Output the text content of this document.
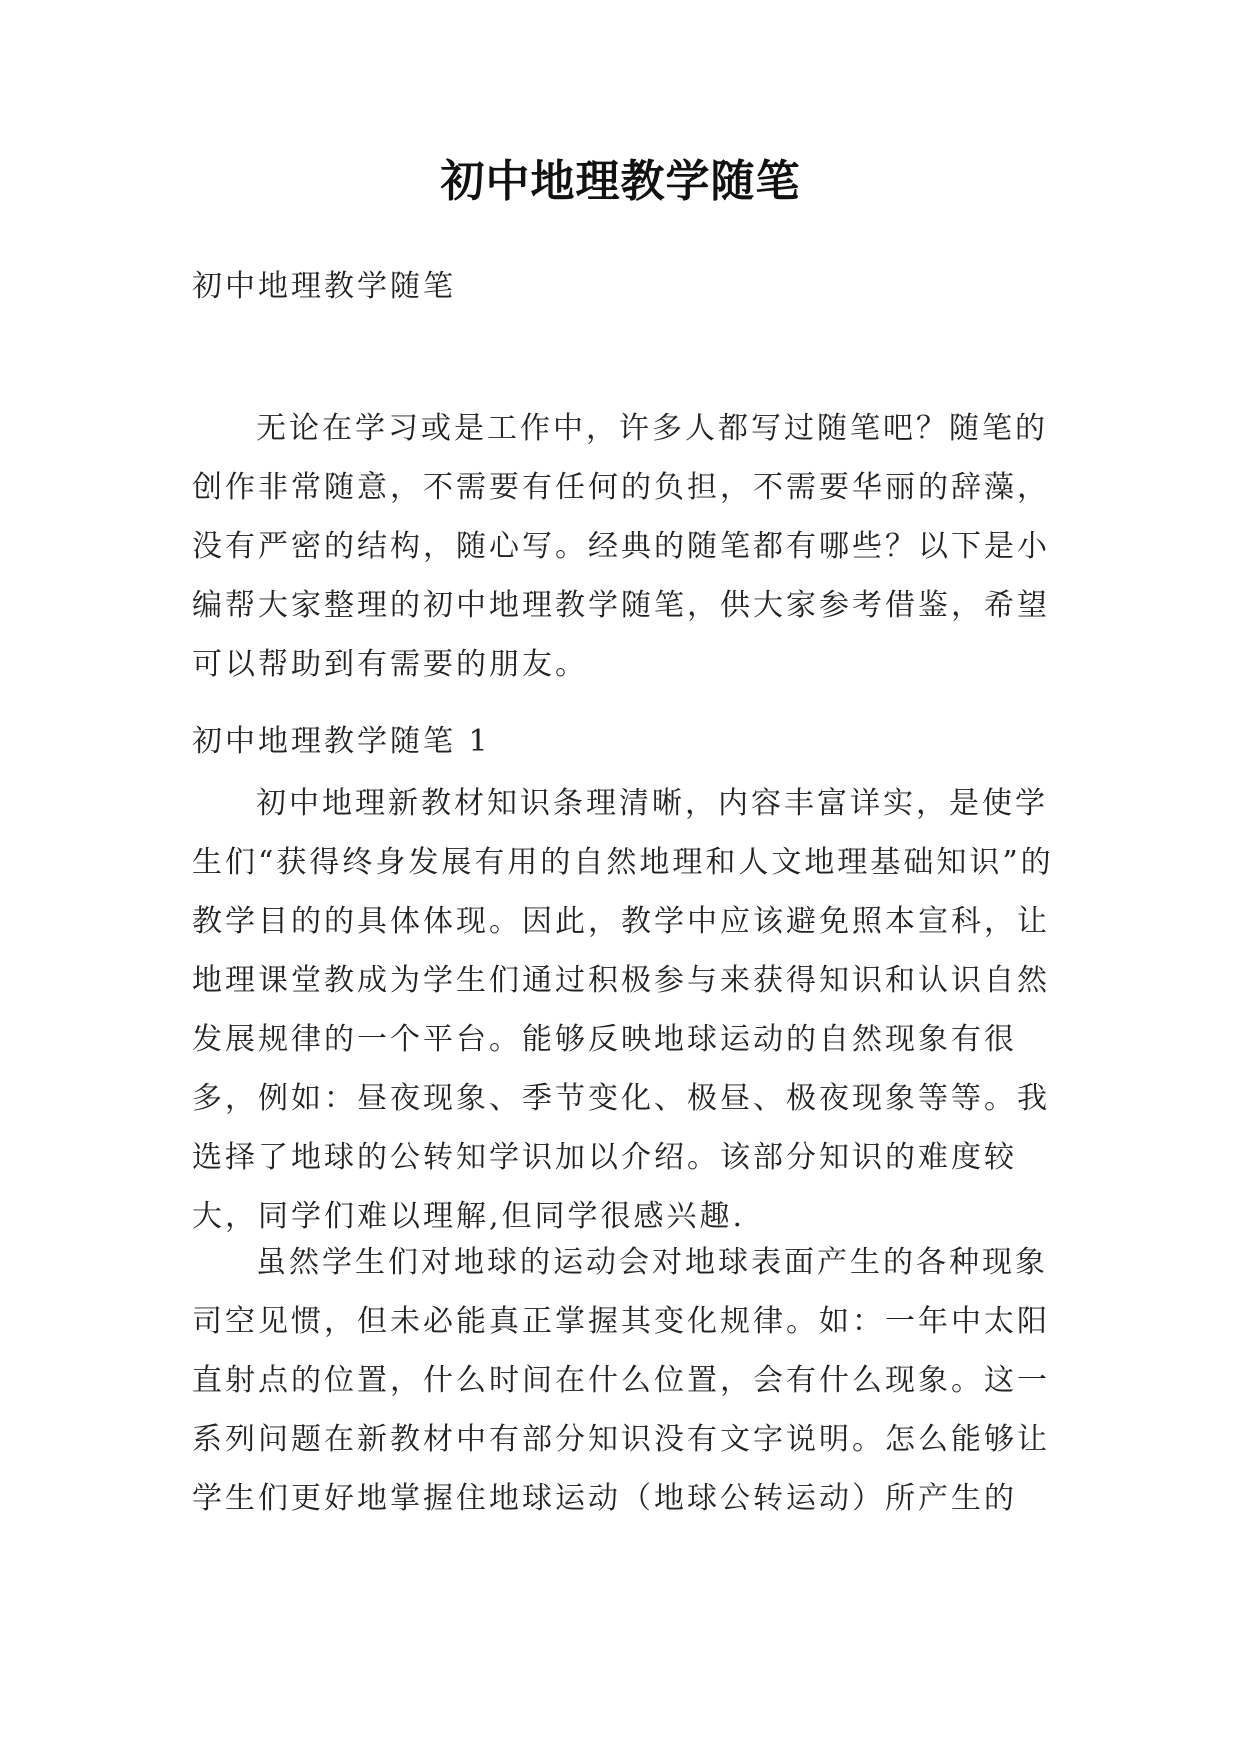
初中地理教学随笔

初中地理教学随笔

无论在学习或是工作中，许多人都写过随笔吧？随笔的创作非常随意，不需要有任何的负担，不需要华丽的辞藻，没有严密的结构，随心写。经典的随笔都有哪些？以下是小编帮大家整理的初中地理教学随笔，供大家参考借鉴，希望可以帮助到有需要的朋友。

初中地理教学随笔 1

初中地理新教材知识条理清晰，内容丰富详实，是使学生们“获得终身发展有用的自然地理和人文地理基础知识”的教学目的的具体体现。因此，教学中应该避免照本宣科，让地理课堂教成为学生们通过积极参与来获得知识和认识自然发展规律的一个平台。能够反映地球运动的自然现象有很多，例如：昼夜现象、季节变化、极昼、极夜现象等等。我选择了地球的公转知学识加以介绍。该部分知识的难度较大，同学们难以理解,但同学很感兴趣.

虽然学生们对地球的运动会对地球表面产生的各种现象司空见惯，但未必能真正掌握其变化规律。如：一年中太阳直射点的位置，什么时间在什么位置，会有什么现象。这一系列问题在新教材中有部分知识没有文字说明。怎么能够让学生们更好地掌握住地球运动（地球公转运动）所产生的
